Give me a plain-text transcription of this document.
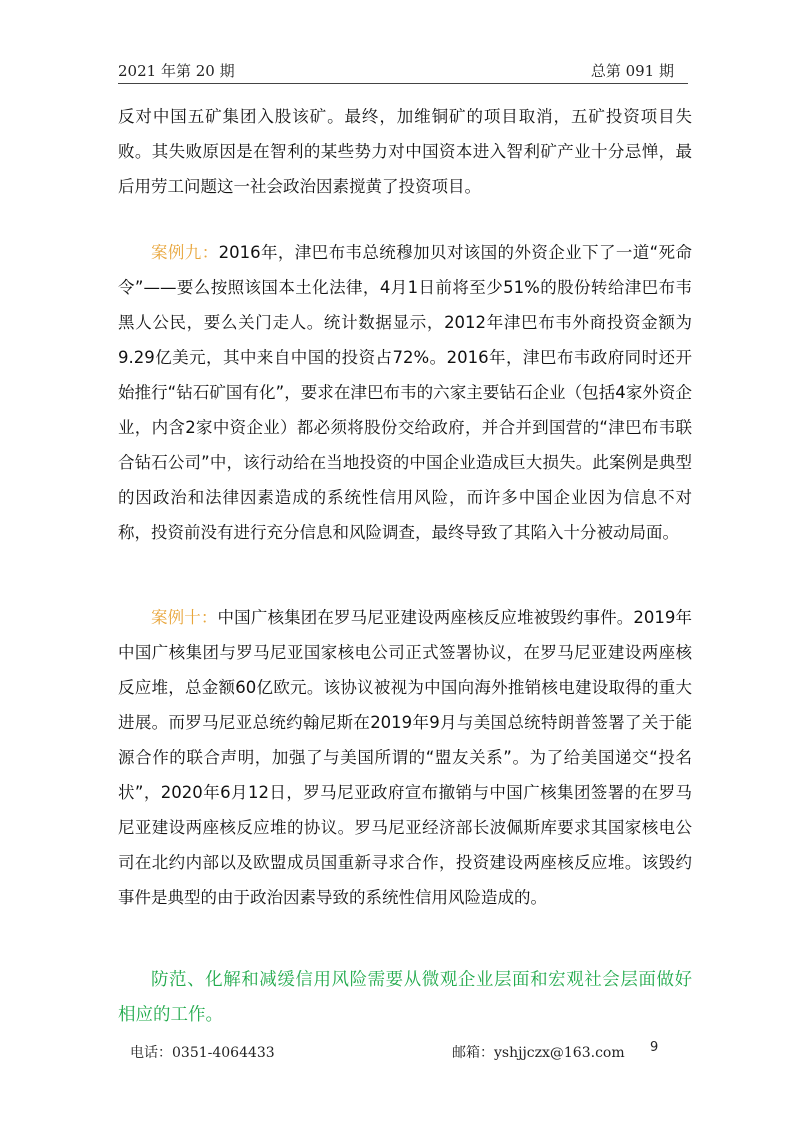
2021 年第 20 期	总第 091 期

反对中国五矿集团入股该矿。最终，加维铜矿的项目取消，五矿投资项目失败。其失败原因是在智利的某些势力对中国资本进入智利矿产业十分忌惮，最后用劳工问题这一社会政治因素搅黄了投资项目。

案例九：2016年，津巴布韦总统穆加贝对该国的外资企业下了一道“死命令”——要么按照该国本土化法律，4月1日前将至少51%的股份转给津巴布韦黑人公民，要么关门走人。统计数据显示，2012年津巴布韦外商投资金额为9.29亿美元，其中来自中国的投资占72%。2016年，津巴布韦政府同时还开始推行“钻石矿国有化”，要求在津巴布韦的六家主要钻石企业（包括4家外资企业，内含2家中资企业）都必须将股份交给政府，并合并到国营的“津巴布韦联合钻石公司”中，该行动给在当地投资的中国企业造成巨大损失。此案例是典型的因政治和法律因素造成的系统性信用风险，而许多中国企业因为信息不对称，投资前没有进行充分信息和风险调查，最终导致了其陷入十分被动局面。

案例十：中国广核集团在罗马尼亚建设两座核反应堆被毁约事件。2019年中国广核集团与罗马尼亚国家核电公司正式签署协议，在罗马尼亚建设两座核反应堆，总金额60亿欧元。该协议被视为中国向海外推销核电建设取得的重大进展。而罗马尼亚总统约翰尼斯在2019年9月与美国总统特朗普签署了关于能源合作的联合声明，加强了与美国所谓的“盟友关系”。为了给美国递交“投名状”，2020年6月12日，罗马尼亚政府宣布撤销与中国广核集团签署的在罗马尼亚建设两座核反应堆的协议。罗马尼亚经济部长波佩斯库要求其国家核电公司在北约内部以及欧盟成员国重新寻求合作，投资建设两座核反应堆。该毁约事件是典型的由于政治因素导致的系统性信用风险造成的。

防范、化解和减缓信用风险需要从微观企业层面和宏观社会层面做好相应的工作。

电话：0351-4064433	邮箱：yshjjczx@163.com 9
